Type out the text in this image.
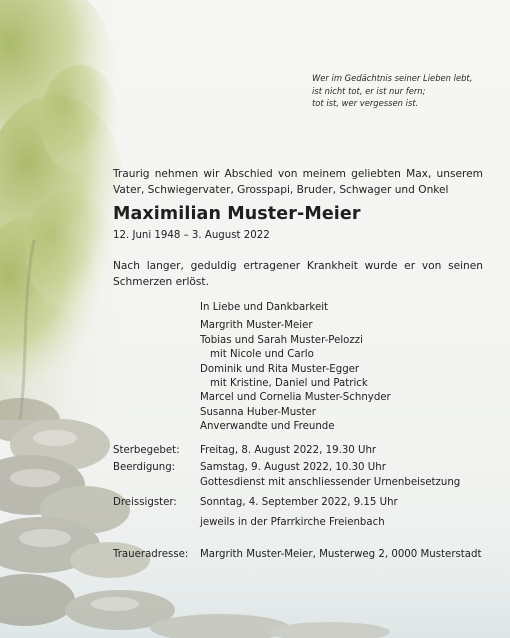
Wer im Gedächtnis seiner Lieben lebt,
ist nicht tot, er ist nur fern;
tot ist, wer vergessen ist.
Traurig nehmen wir Abschied von meinem geliebten Max, unserem Vater, Schwiegervater, Grosspapi, Bruder, Schwager und Onkel
Maximilian Muster-Meier
12. Juni 1948 – 3. August 2022
Nach langer, geduldig ertragener Krankheit wurde er von seinen Schmerzen erlöst.
In Liebe und Dankbarkeit
Margrith Muster-Meier
Tobias und Sarah Muster-Pelozzi
mit Nicole und Carlo
Dominik und Rita Muster-Egger
mit Kristine, Daniel und Patrick
Marcel und Cornelia Muster-Schnyder
Susanna Huber-Muster
Anverwandte und Freunde
Sterbegebet: Freitag, 8. August 2022, 19.30 Uhr
Beerdigung: Samstag, 9. August 2022, 10.30 Uhr
Gottesdienst mit anschliessender Urnenbeisetzung
Dreissigster: Sonntag, 4. September 2022, 9.15 Uhr
jeweils in der Pfarrkirche Freienbach
Traueradresse: Margrith Muster-Meier, Musterweg 2, 0000 Musterstadt
